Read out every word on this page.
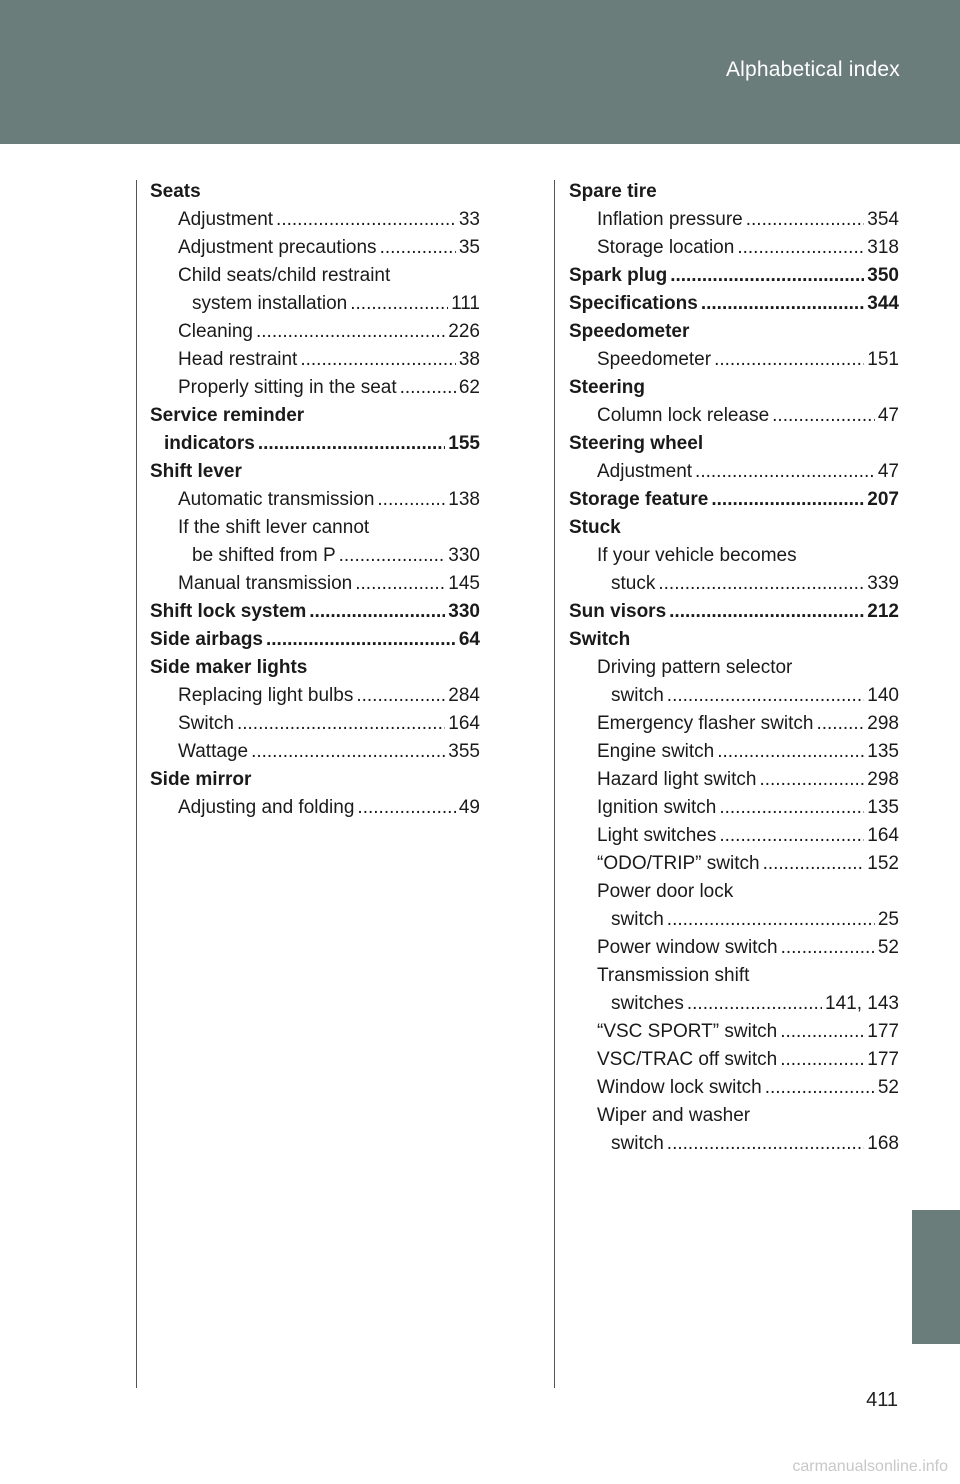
Alphabetical index
Seats
Adjustment .....	33
Adjustment precautions .....	35
Child seats/child restraint
system installation .....	111
Cleaning .....	226
Head restraint .....	38
Properly sitting in the seat .....	62
Service reminder
indicators .....	155
Shift lever
Automatic transmission .....	138
If the shift lever cannot
be shifted from P .....	330
Manual transmission .....	145
Shift lock system .....	330
Side airbags .....	64
Side maker lights
Replacing light bulbs .....	284
Switch .....	164
Wattage .....	355
Side mirror
Adjusting and folding .....	49
Spare tire
Inflation pressure .....	354
Storage location .....	318
Spark plug .....	350
Specifications .....	344
Speedometer
Speedometer .....	151
Steering
Column lock release .....	47
Steering wheel
Adjustment .....	47
Storage feature .....	207
Stuck
If your vehicle becomes
stuck .....	339
Sun visors .....	212
Switch
Driving pattern selector
switch .....	140
Emergency flasher switch .....	298
Engine switch .....	135
Hazard light switch .....	298
Ignition switch .....	135
Light switches .....	164
“ODO/TRIP” switch .....	152
Power door lock
switch .....	25
Power window switch .....	52
Transmission shift
switches .....	141, 143
“VSC SPORT” switch .....	177
VSC/TRAC off switch .....	177
Window lock switch .....	52
Wiper and washer
switch .....	168
411
carmanualsonline.info
